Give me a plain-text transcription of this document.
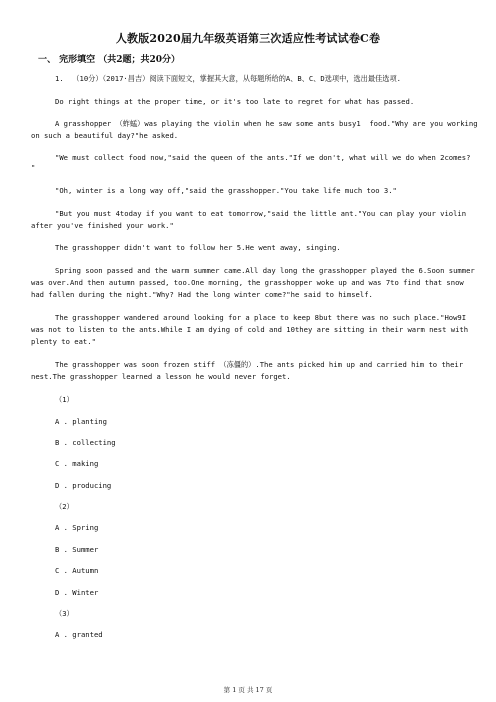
人教版2020届九年级英语第三次适应性考试试卷C卷
一、 完形填空 （共2题；共20分）
1.  （10分）（2017·昌吉）阅读下面短文，掌握其大意，从每题所给的A、B、C、D选项中，选出最佳选项.
Do right things at the proper time, or it's too late to regret for what has passed.
A grasshopper （蚱蜢）was playing the violin when he saw some ants busy1  food."Why are you working
on such a beautiful day?"he asked.
"We must collect food now,"said the queen of the ants."If we don't, what will we do when 2comes?
"
"Oh, winter is a long way off,"said the grasshopper."You take life much too 3."
"But you must 4today if you want to eat tomorrow,"said the little ant."You can play your violin
after you've finished your work."
The grasshopper didn't want to follow her 5.He went away, singing.
Spring soon passed and the warm summer came.All day long the grasshopper played the 6.Soon summer
was over.And then autumn passed, too.One morning, the grasshopper woke up and was 7to find that snow
had fallen during the night."Why? Had the long winter come?"he said to himself.
The grasshopper wandered around looking for a place to keep 8but there was no such place."How9I
was not to listen to the ants.While I am dying of cold and 10they are sitting in their warm nest with
plenty to eat."
The grasshopper was soon frozen stiff （冻僵的）.The ants picked him up and carried him to their
nest.The grasshopper learned a lesson he would never forget.
（1）
A . planting
B . collecting
C . making
D . producing
（2）
A . Spring
B . Summer
C . Autumn
D . Winter
（3）
A . granted
第 1 页 共 17 页
